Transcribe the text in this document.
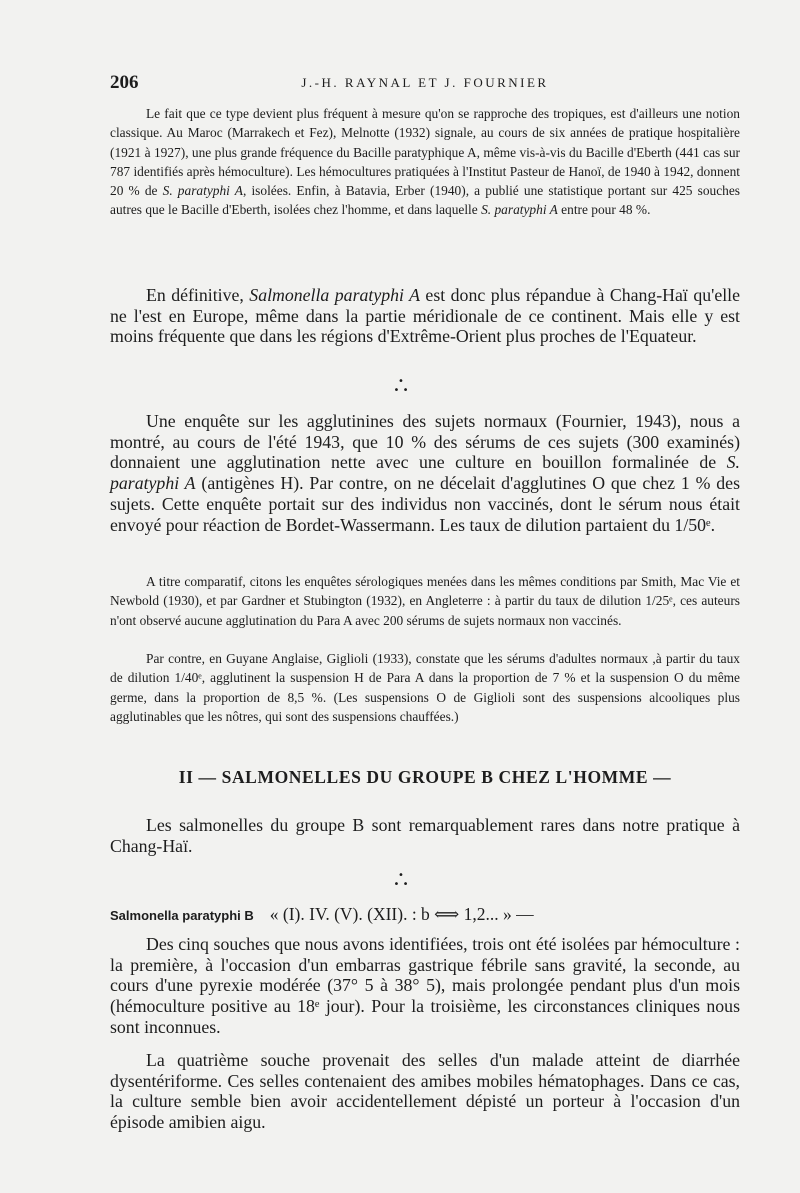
206	J.-H. RAYNAL ET J. FOURNIER

Le fait que ce type devient plus fréquent à mesure qu'on se rapproche des tropiques, est d'ailleurs une notion classique. Au Maroc (Marrakech et Fez), Melnotte (1932) signale, au cours de six années de pratique hospitalière (1921 à 1927), une plus grande fréquence du Bacille paratyphique A, même vis-à-vis du Bacille d'Eberth (441 cas sur 787 identifiés après hémoculture). Les hémocultures pratiquées à l'Institut Pasteur de Hanoï, de 1940 à 1942, donnent 20 % de S. paratyphi A, isolées. Enfin, à Batavia, Erber (1940), a publié une statistique portant sur 425 souches autres que le Bacille d'Eberth, isolées chez l'homme, et dans laquelle S. paratyphi A entre pour 48 %.

En définitive, Salmonella paratyphi A est donc plus répandue à Chang-Haï qu'elle ne l'est en Europe, même dans la partie méridionale de ce continent. Mais elle y est moins fréquente que dans les régions d'Extrême-Orient plus proches de l'Equateur.

•
• •

Une enquête sur les agglutinines des sujets normaux (Fournier, 1943), nous a montré, au cours de l'été 1943, que 10 % des sérums de ces sujets (300 examinés) donnaient une agglutination nette avec une culture en bouillon formalinée de S. paratyphi A (antigènes H). Par contre, on ne décelait d'agglutines O que chez 1 % des sujets. Cette enquête portait sur des individus non vaccinés, dont le sérum nous était envoyé pour réaction de Bordet-Wassermann. Les taux de dilution partaient du 1/50ᵉ.

A titre comparatif, citons les enquêtes sérologiques menées dans les mêmes conditions par Smith, Mac Vie et Newbold (1930), et par Gardner et Stubington (1932), en Angleterre : à partir du taux de dilution 1/25ᵉ, ces auteurs n'ont observé aucune agglutination du Para A avec 200 sérums de sujets normaux non vaccinés.

Par contre, en Guyane Anglaise, Giglioli (1933), constate que les sérums d'adultes normaux ,à partir du taux de dilution 1/40ᵉ, agglutinent la suspension H de Para A dans la proportion de 7 % et la suspension O du même germe, dans la proportion de 8,5 %. (Les suspensions O de Giglioli sont des suspensions alcooliques plus agglutinables que les nôtres, qui sont des suspensions chauffées.)

II — SALMONELLES DU GROUPE B CHEZ L'HOMME —

Les salmonelles du groupe B sont remarquablement rares dans notre pratique à Chang-Haï.

•
• •
Salmonella paratyphi B « (I). IV. (V). (XII). : b ⟺ 1,2... » —

Des cinq souches que nous avons identifiées, trois ont été isolées par hémoculture : la première, à l'occasion d'un embarras gastrique fébrile sans gravité, la seconde, au cours d'une pyrexie modérée (37° 5 à 38° 5), mais prolongée pendant plus d'un mois (hémoculture positive au 18ᵉ jour). Pour la troisième, les circonstances cliniques nous sont inconnues.

La quatrième souche provenait des selles d'un malade atteint de diarrhée dysentériforme. Ces selles contenaient des amibes mobiles hématophages. Dans ce cas, la culture semble bien avoir accidentellement dépisté un porteur à l'occasion d'un épisode amibien aigu.
